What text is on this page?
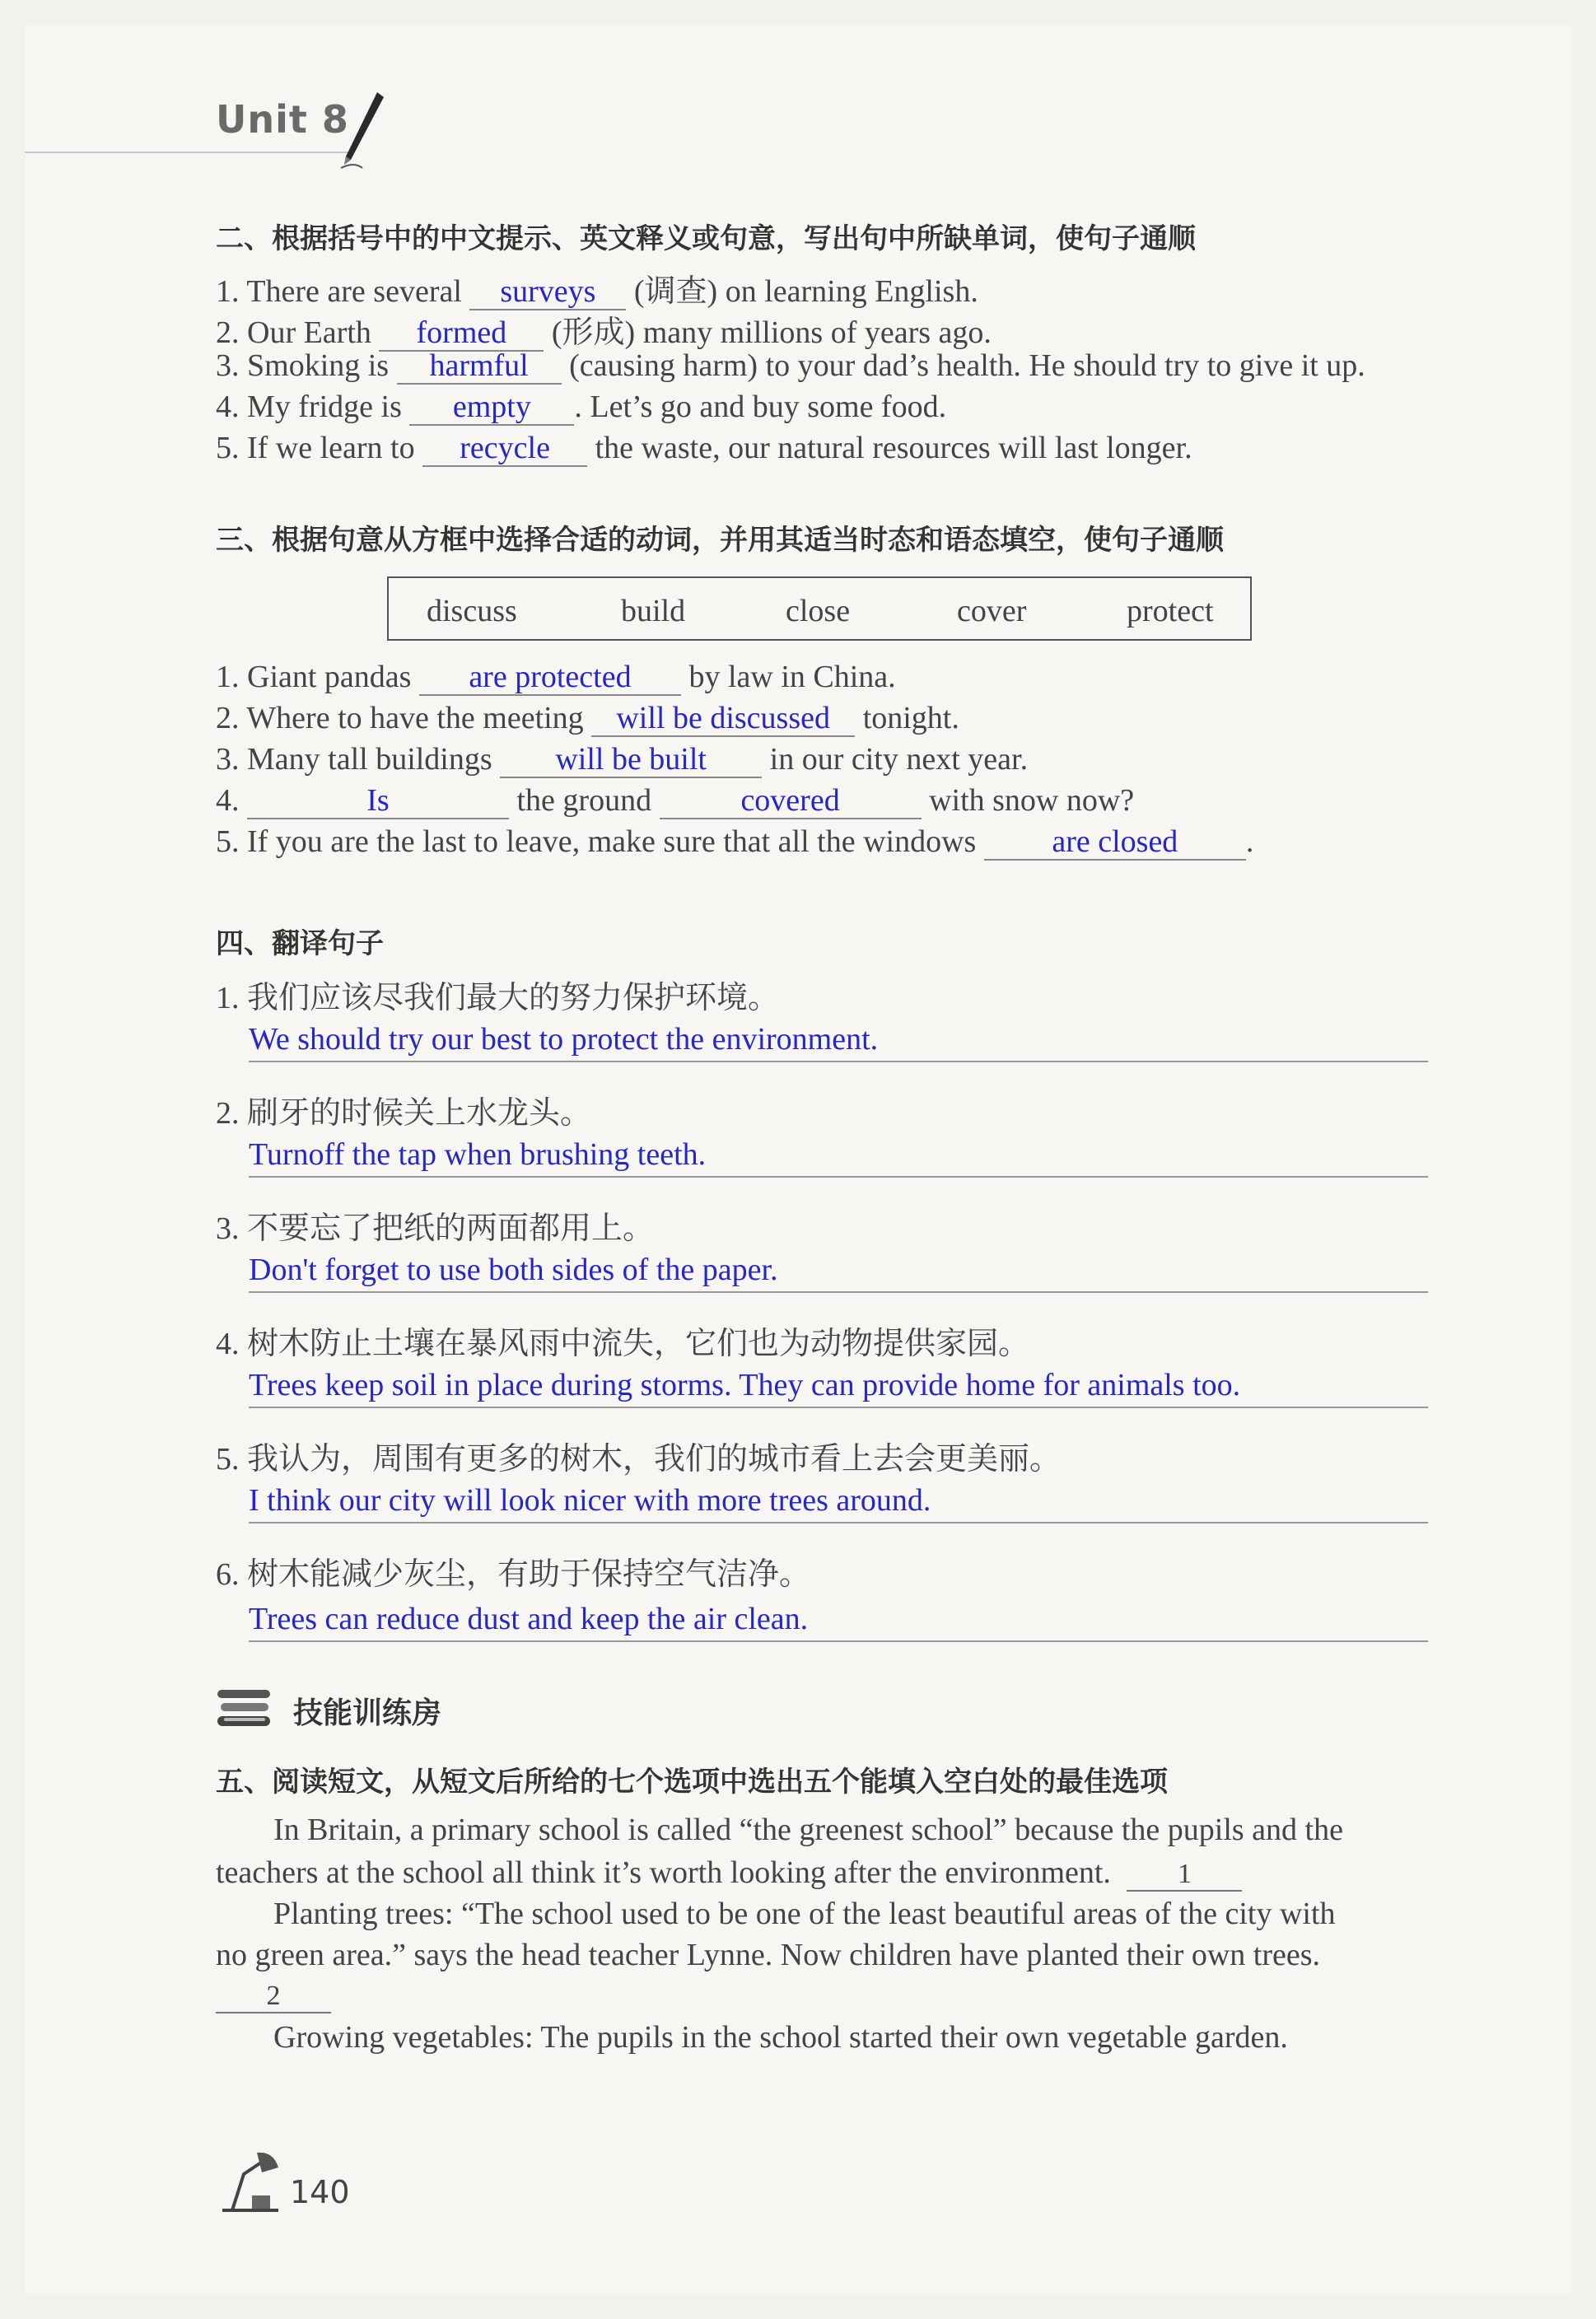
Unit 8
二、根据括号中的中文提示、英文释义或句意，写出句中所缺单词，使句子通顺
1. There are several surveys (调查) on learning English.
2. Our Earth formed (形成) many millions of years ago.
3. Smoking is harmful (causing harm) to your dad’s health. He should try to give it up.
4. My fridge is empty . Let’s go and buy some food.
5. If we learn to recycle the waste, our natural resources will last longer.
三、根据句意从方框中选择合适的动词，并用其适当时态和语态填空，使句子通顺
discuss	build	close	cover	protect
1. Giant pandas are protected by law in China.
2. Where to have the meeting will be discussed tonight.
3. Many tall buildings will be built in our city next year.
4.	Is	the ground	covered	with snow now?
5. If you are the last to leave, make sure that all the windows are closed .
四、翻译句子
1. 我们应该尽我们最大的努力保护环境。
We should try our best to protect the environment.
2. 刷牙的时候关上水龙头。
Turnoff the tap when brushing teeth.
3. 不要忘了把纸的两面都用上。
Don't forget to use both sides of the paper.
4. 树木防止土壤在暴风雨中流失，它们也为动物提供家园。
Trees keep soil in place during storms. They can provide home for animals too.
5. 我认为，周围有更多的树木，我们的城市看上去会更美丽。
I think our city will look nicer with more trees around.
6. 树木能减少灰尘，有助于保持空气洁净。
Trees can reduce dust and keep the air clean.
技能训练房
五、阅读短文，从短文后所给的七个选项中选出五个能填入空白处的最佳选项
In Britain, a primary school is called “the greenest school” because the pupils and the
teachers at the school all think it’s worth looking after the environment. 1
Planting trees: “The school used to be one of the least beautiful areas of the city with
no green area.” says the head teacher Lynne. Now children have planted their own trees.
2
Growing vegetables: The pupils in the school started their own vegetable garden.
140
